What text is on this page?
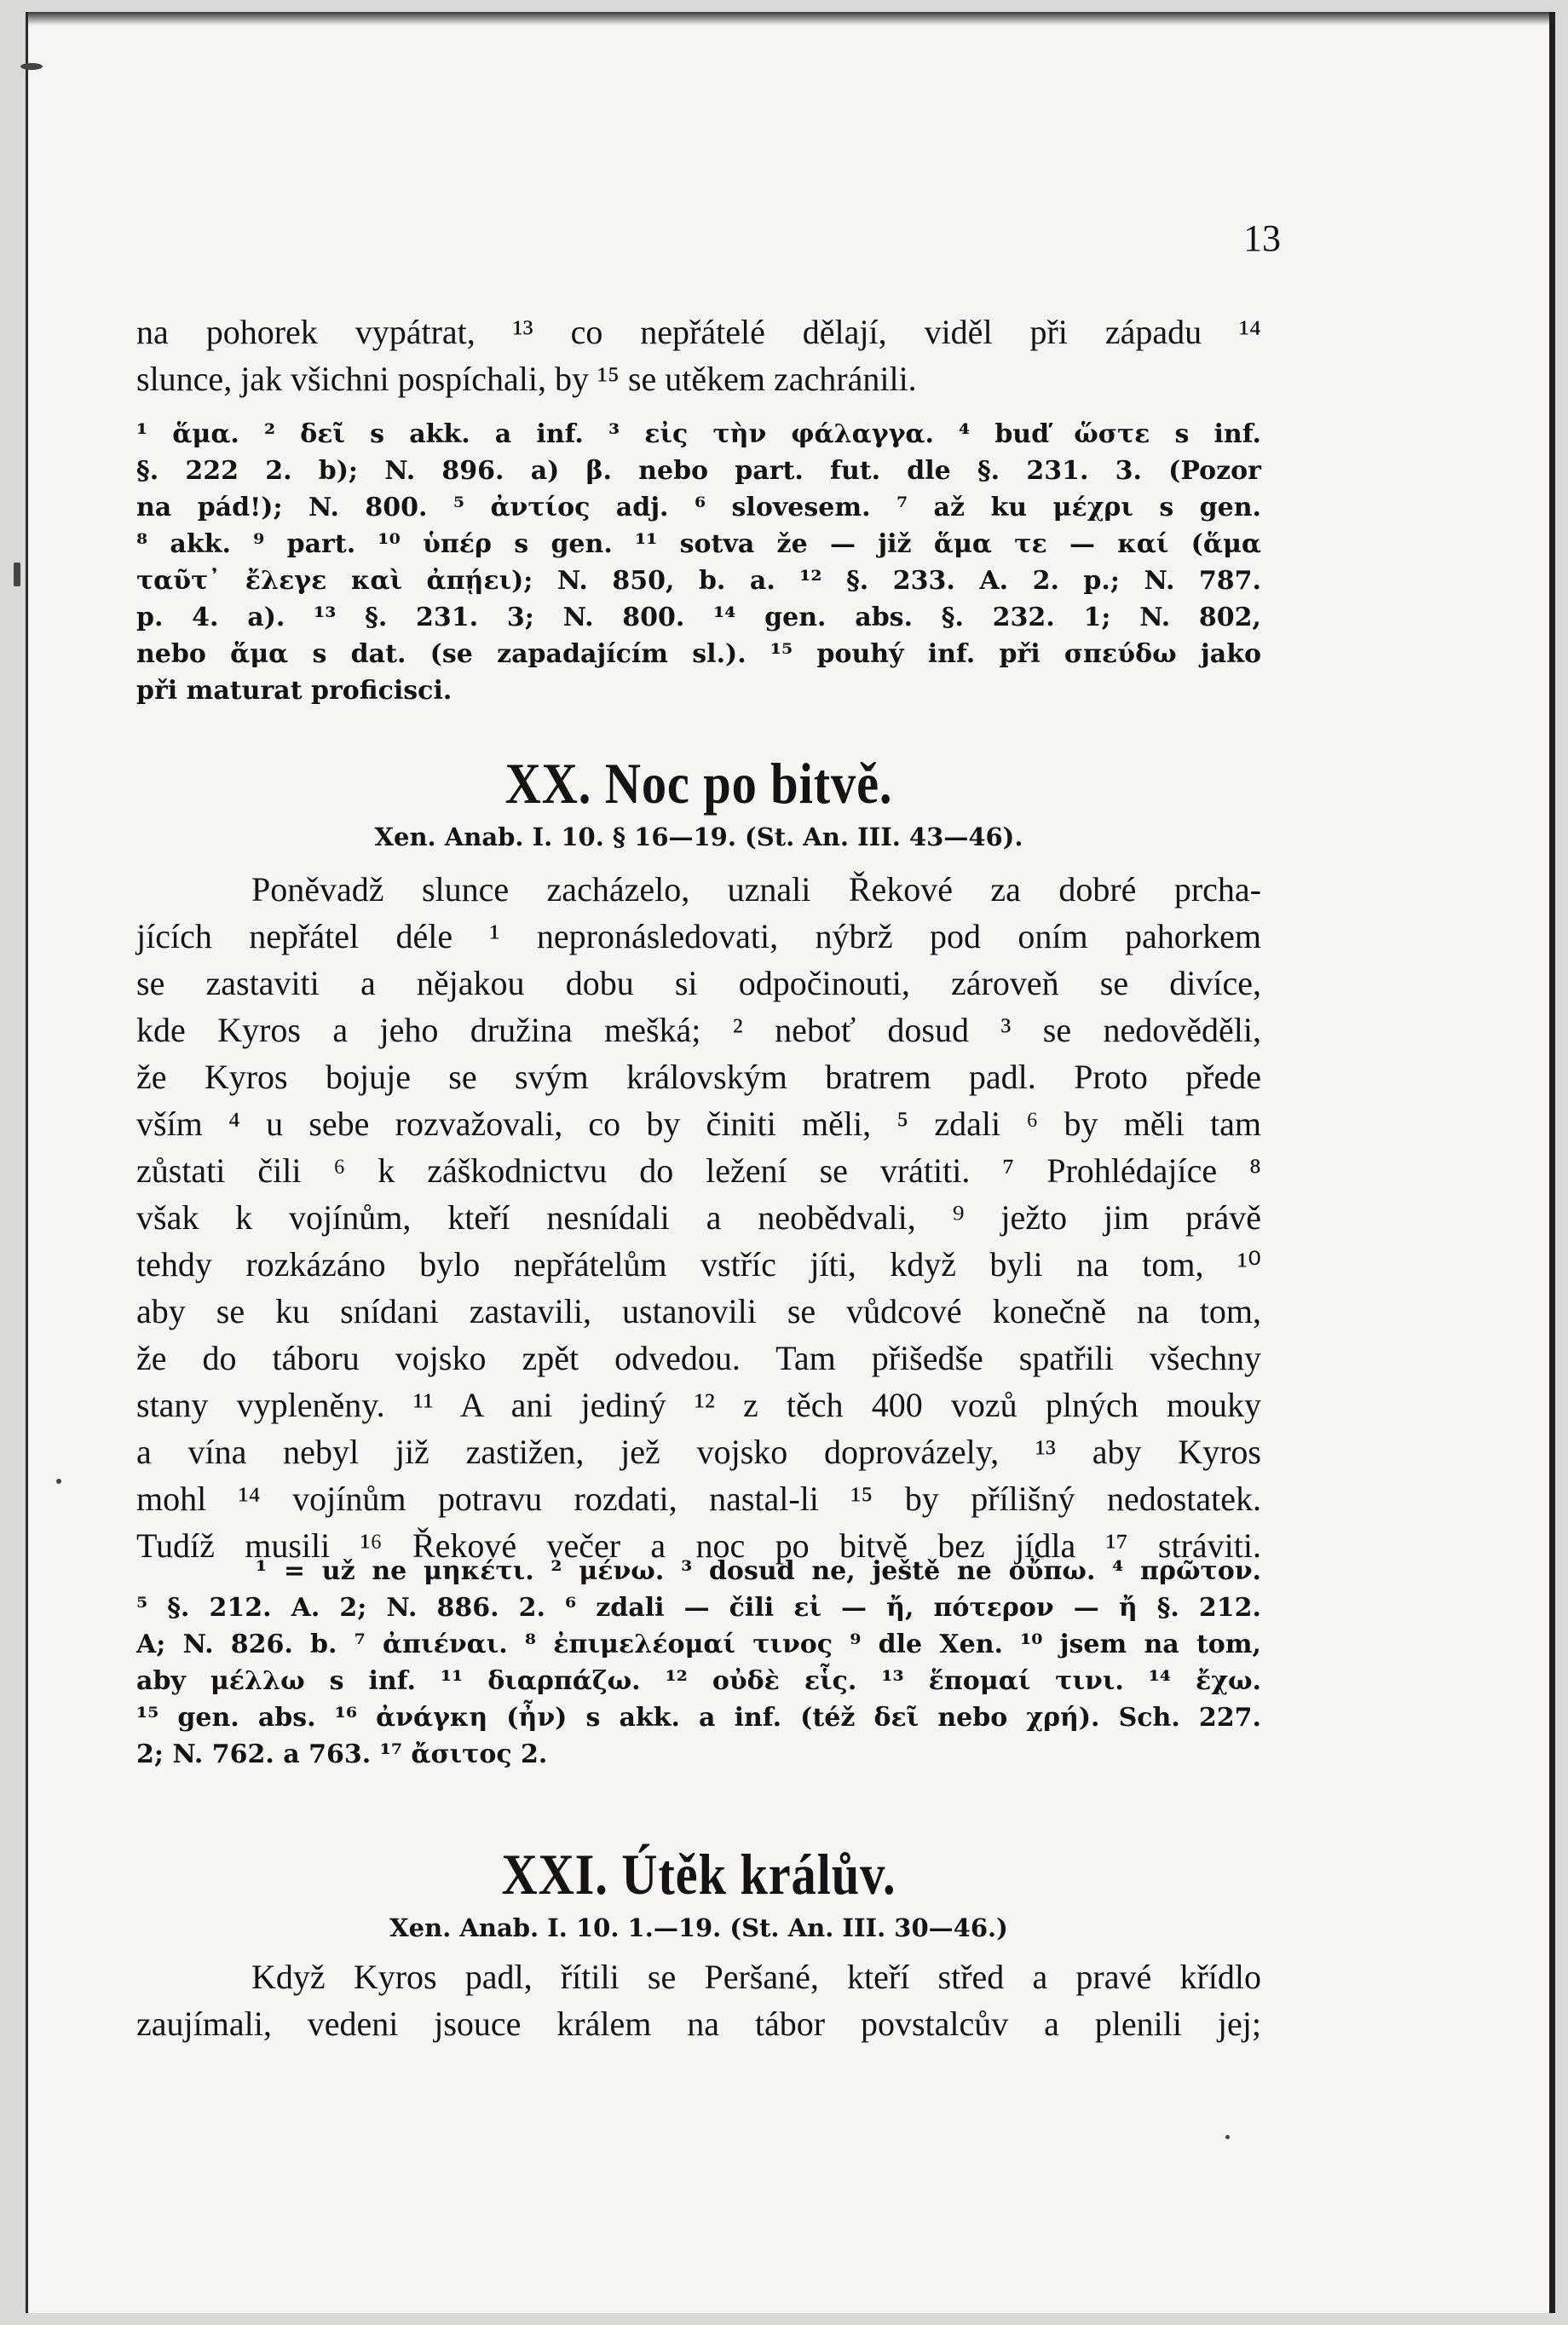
13
na pohorek vypátrat, ¹³ co nepřátelé dělají, viděl při západu ¹⁴
slunce, jak všichni pospíchali, by ¹⁵ se utěkem zachránili.
¹ ἅμα. ² δεῖ s akk. a inf. ³ εἰς τὴν φάλαγγα. ⁴ buď ὥστε s inf.
§. 222 2. b); N. 896. a) β. nebo part. fut. dle §. 231. 3. (Pozor
na pád!); N. 800. ⁵ ἀντίος adj. ⁶ slovesem. ⁷ až ku μέχρι s gen.
⁸ akk. ⁹ part. ¹⁰ ὑπέρ s gen. ¹¹ sotva že — již ἅμα τε — καί (ἅμα
ταῦτ᾽ ἔλεγε καὶ ἀπῄει); N. 850, b. a. ¹² §. 233. A. 2. p.; N. 787.
p. 4. a). ¹³ §. 231. 3; N. 800. ¹⁴ gen. abs. §. 232. 1; N. 802,
nebo ἅμα s dat. (se zapadajícím sl.). ¹⁵ pouhý inf. při σπεύδω jako
při maturat proficisci.
XX. Noc po bitvě.
Xen. Anab. I. 10. § 16—19. (St. An. III. 43—46).
Poněvadž slunce zacházelo, uznali Řekové za dobré prcha-
jících nepřátel déle ¹ nepronásledovati, nýbrž pod oním pahorkem
se zastaviti a nějakou dobu si odpočinouti, zároveň se divíce,
kde Kyros a jeho družina mešká; ² neboť dosud ³ se nedověděli,
že Kyros bojuje se svým královským bratrem padl. Proto přede
vším ⁴ u sebe rozvažovali, co by činiti měli, ⁵ zdali ⁶ by měli tam
zůstati čili ⁶ k záškodnictvu do ležení se vrátiti. ⁷ Prohlédajíce ⁸
však k vojínům, kteří nesnídali a neobědvali, ⁹ ježto jim právě
tehdy rozkázáno bylo nepřátelům vstříc jíti, když byli na tom, ¹⁰
aby se ku snídani zastavili, ustanovili se vůdcové konečně na tom,
že do táboru vojsko zpět odvedou. Tam přišedše spatřili všechny
stany vypleněny. ¹¹ A ani jediný ¹² z těch 400 vozů plných mouky
a vína nebyl již zastižen, jež vojsko doprovázely, ¹³ aby Kyros
mohl ¹⁴ vojínům potravu rozdati, nastal-li ¹⁵ by přílišný nedostatek.
Tudíž musili ¹⁶ Řekové večer a noc po bitvě bez jídla ¹⁷ stráviti.
¹ = už ne μηκέτι. ² μένω. ³ dosud ne, ještě ne οὔπω. ⁴ πρῶτον.
⁵ §. 212. A. 2; N. 886. 2. ⁶ zdali — čili εἰ — ἤ, πότερον — ἤ §. 212.
A; N. 826. b. ⁷ ἀπιέναι. ⁸ ἐπιμελέομαί τινος ⁹ dle Xen. ¹⁰ jsem na tom,
aby μέλλω s inf. ¹¹ διαρπάζω. ¹² οὐδὲ εἷς. ¹³ ἕπομαί τινι. ¹⁴ ἔχω.
¹⁵ gen. abs. ¹⁶ ἀνάγκη (ἦν) s akk. a inf. (též δεῖ nebo χρή). Sch. 227.
2; N. 762. a 763. ¹⁷ ἄσιτος 2.
XXI. Útěk králův.
Xen. Anab. I. 10. 1.—19. (St. An. III. 30—46.)
Když Kyros padl, řítili se Peršané, kteří střed a pravé křídlo
zaujímali, vedeni jsouce králem na tábor povstalcův a plenili jej;
